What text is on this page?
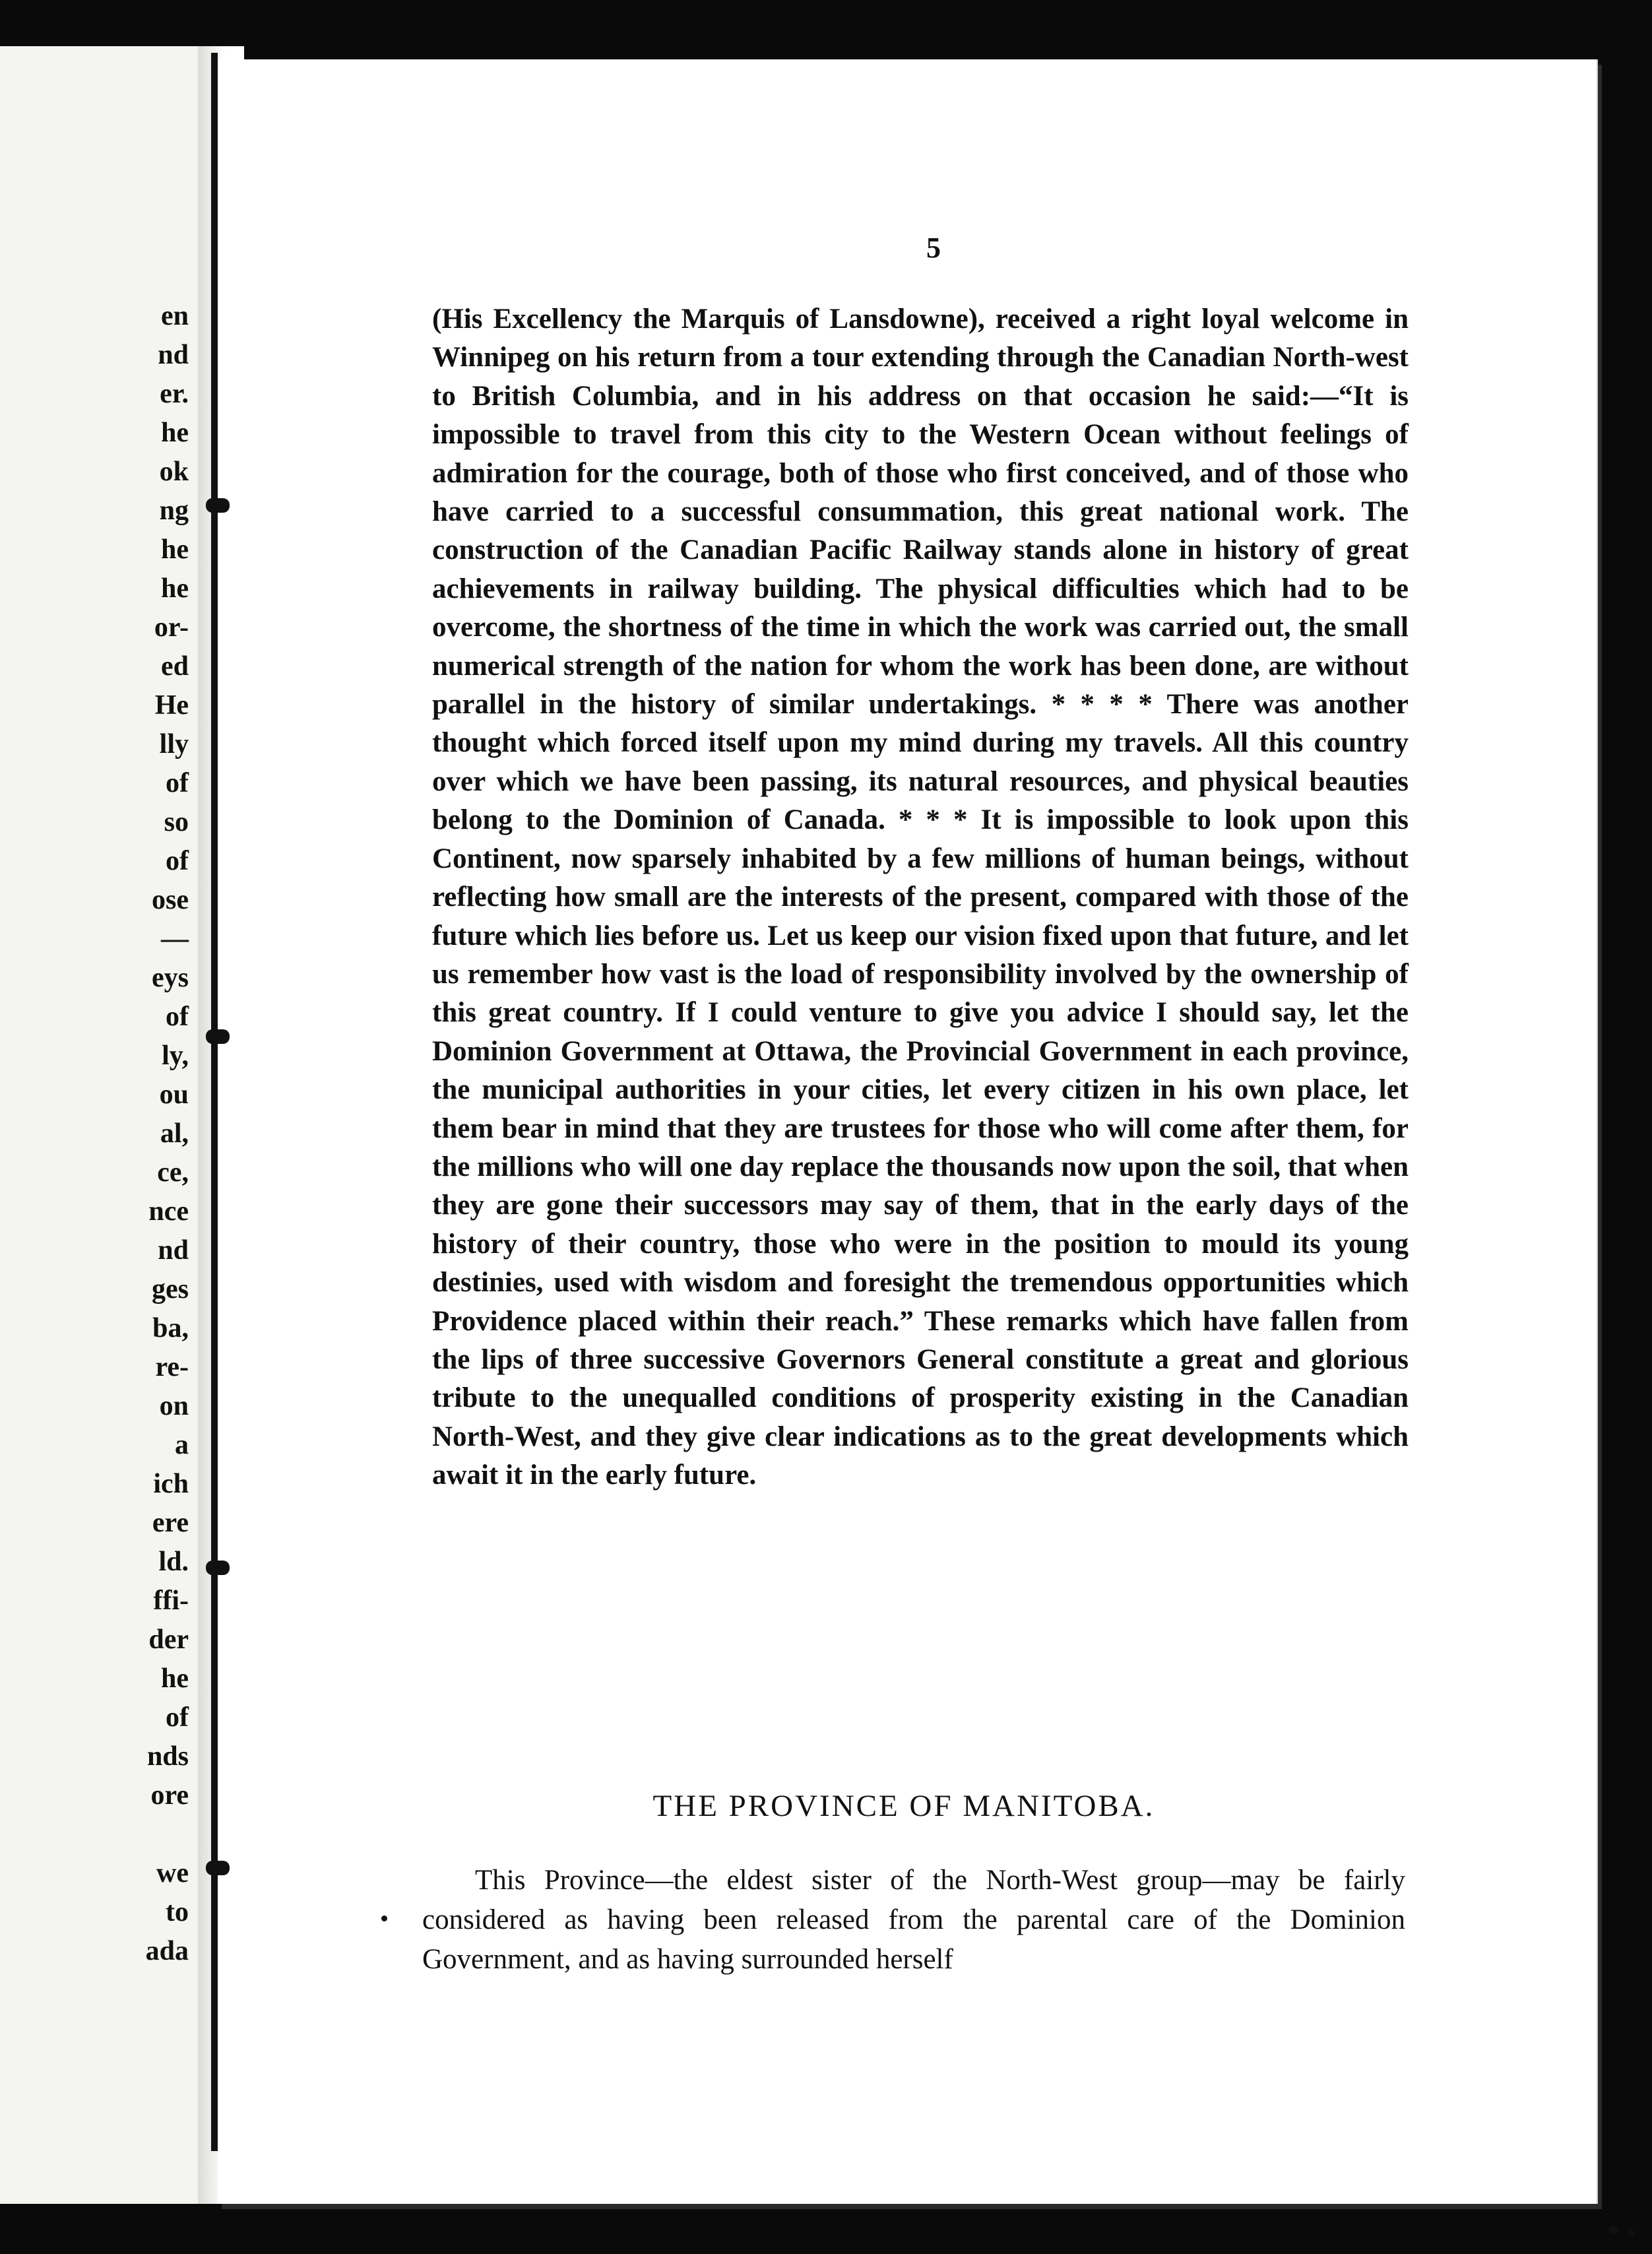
en
nd
er.
he
ok
ng
he
he
or-
ed
He
lly
of
so
of
ose
—
eys
of
ly,
ou
al,
ce,
nce
nd
ges
ba,
re-
on
a
ich
ere
ld.
ffi-
der
he
of
nds
ore
we
to
ada
5
(His Excellency the Marquis of Lansdowne), received a right loyal welcome in Winnipeg on his return from a tour extending through the Canadian North-west to British Columbia, and in his address on that occasion he said:—“It is impossible to travel from this city to the Western Ocean without feelings of admiration for the courage, both of those who first conceived, and of those who have carried to a successful consummation, this great national work. The construction of the Canadian Pacific Railway stands alone in history of great achievements in railway building. The physical difficulties which had to be overcome, the shortness of the time in which the work was carried out, the small numerical strength of the nation for whom the work has been done, are without parallel in the history of similar undertakings. * * * * There was another thought which forced itself upon my mind during my travels. All this country over which we have been passing, its natural resources, and physical beauties belong to the Dominion of Canada. * * * It is impossible to look upon this Continent, now sparsely inhabited by a few millions of human beings, without reflecting how small are the interests of the present, compared with those of the future which lies before us. Let us keep our vision fixed upon that future, and let us remember how vast is the load of responsibility involved by the ownership of this great country. If I could venture to give you advice I should say, let the Dominion Government at Ottawa, the Provincial Government in each province, the municipal authorities in your cities, let every citizen in his own place, let them bear in mind that they are trustees for those who will come after them, for the millions who will one day replace the thousands now upon the soil, that when they are gone their successors may say of them, that in the early days of the history of their country, those who were in the position to mould its young destinies, used with wisdom and foresight the tremendous opportunities which Providence placed within their reach.” These remarks which have fallen from the lips of three successive Governors General constitute a great and glorious tribute to the unequalled conditions of prosperity existing in the Canadian North-West, and they give clear indications as to the great developments which await it in the early future.
THE PROVINCE OF MANITOBA.
This Province—the eldest sister of the North-West group—may be fairly considered as having been released from the parental care of the Dominion Government, and as having surrounded herself
